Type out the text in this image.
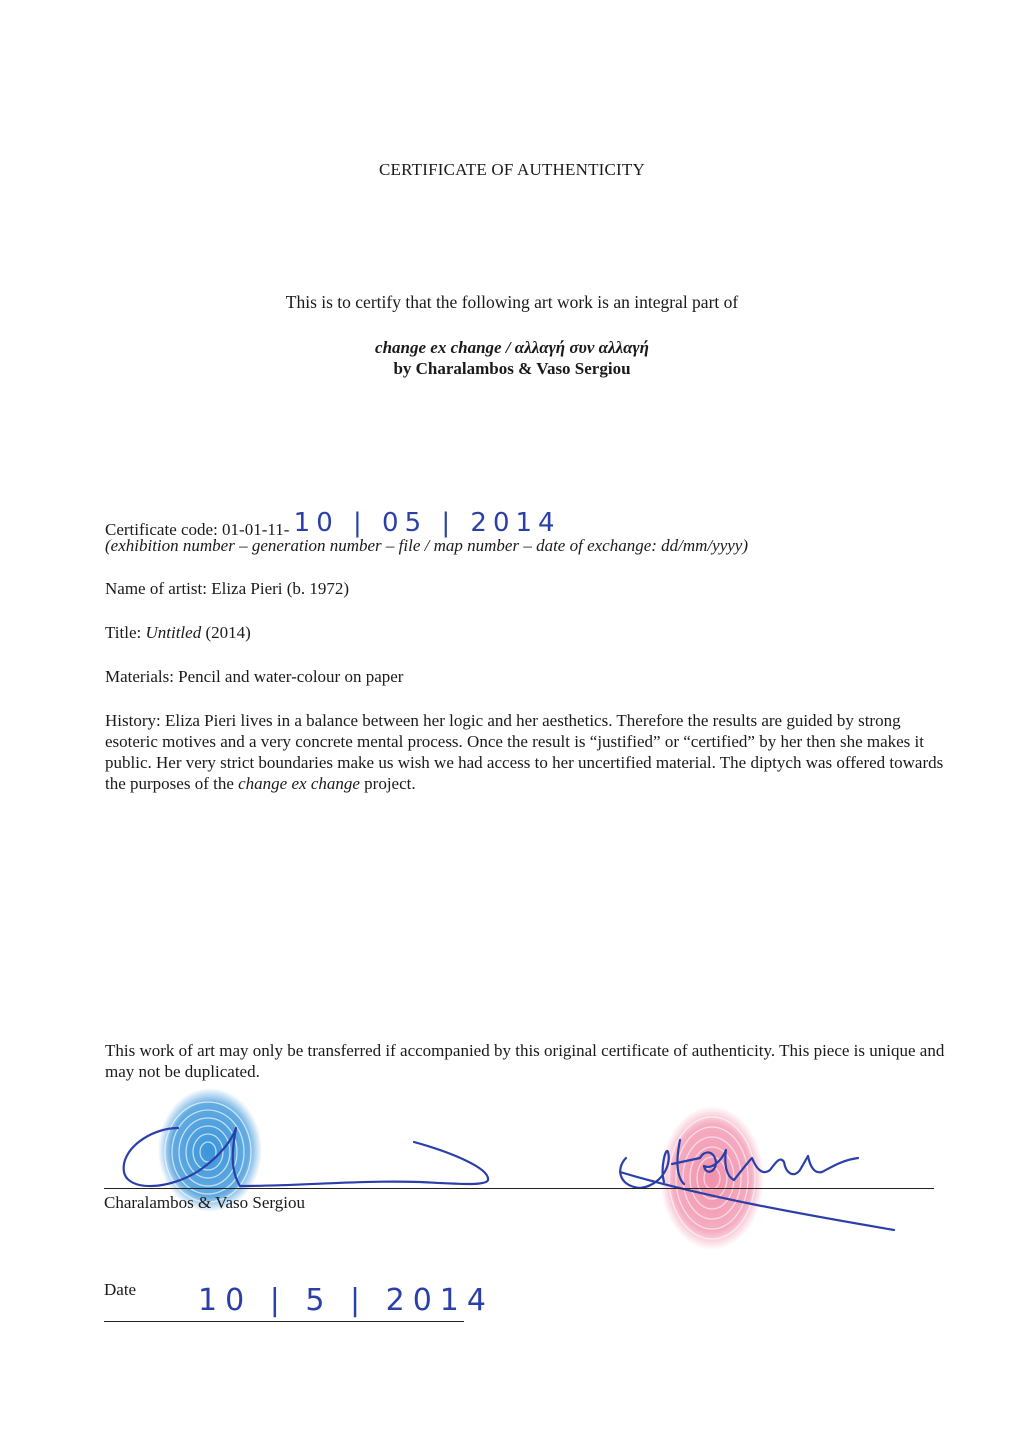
CERTIFICATE OF AUTHENTICITY
This is to certify that the following art work is an integral part of
change ex change / αλλαγή συν αλλαγή
by Charalambos & Vaso Sergiou
Certificate code: 01-01-11- 10 | 05 | 2014
(exhibition number – generation number – file / map number – date of exchange: dd/mm/yyyy)
Name of artist: Eliza Pieri (b. 1972)
Title: Untitled (2014)
Materials: Pencil and water-colour on paper
History: Eliza Pieri lives in a balance between her logic and her aesthetics. Therefore the results are guided by strong esoteric motives and a very concrete mental process. Once the result is “justified” or “certified” by her then she makes it public. Her very strict boundaries make us wish we had access to her uncertified material. The diptych was offered towards the purposes of the change ex change project.
This work of art may only be transferred if accompanied by this original certificate of authenticity. This piece is unique and may not be duplicated.
Charalambos & Vaso Sergiou
Date 10 | 5 | 2014
